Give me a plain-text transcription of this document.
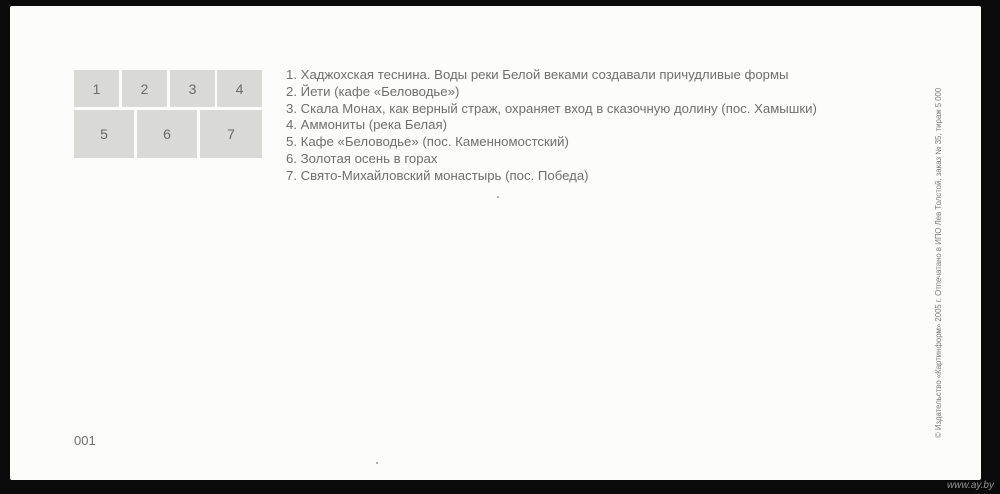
1	2	3	4
5	6	7
1. Хаджохская теснина. Воды реки Белой веками создавали причудливые формы
2. Йети (кафе «Беловодье»)
3. Скала Монах, как верный страж, охраняет вход в сказочную долину (пос. Хамышки)
4. Аммониты (река Белая)
5. Кафе «Беловодье» (пос. Каменномостский)
6. Золотая осень в горах
7. Свято-Михайловский монастырь (пос. Победа)
001
© Издательство «Картинформ» 2005 г. Отпечатано в ИПО Лев Толстой, заказ № 35, тираж 5 000
www.ay.by
